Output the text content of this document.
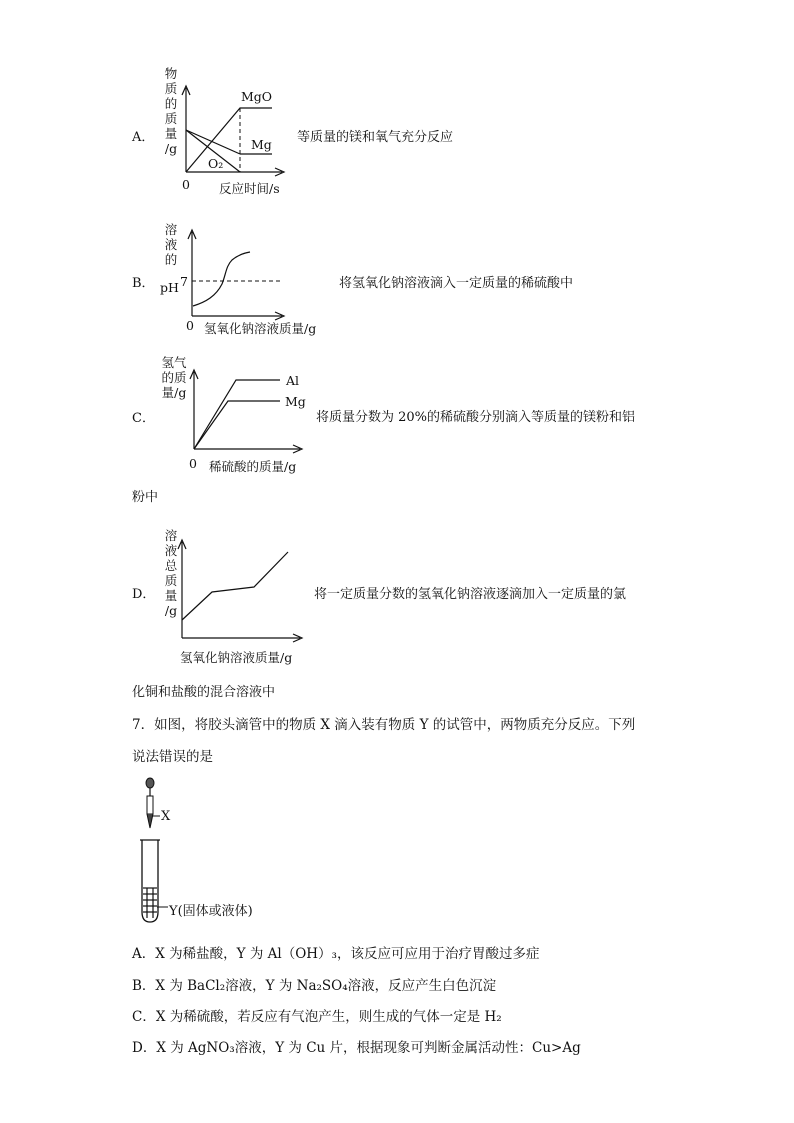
A．
物
质
的
质
量
/g
MgO
Mg
O₂
0 反应时间/s
等质量的镁和氧气充分反应
B．
溶
液
的
pH 7
0 氢氧化钠溶液质量/g
将氢氧化钠溶液滴入一定质量的稀硫酸中
C．
氢气
的质
量/g
Al
Mg
0 稀硫酸的质量/g
将质量分数为 20%的稀硫酸分别滴入等质量的镁粉和铝
粉中
D．
溶
液
总
质
量
/g
氢氧化钠溶液质量/g
将一定质量分数的氢氧化钠溶液逐滴加入一定质量的氯
化铜和盐酸的混合溶液中
7．如图，将胶头滴管中的物质 X 滴入装有物质 Y 的试管中，两物质充分反应。下列
说法错误的是
X
Y(固体或液体)
A．X 为稀盐酸，Y 为 Al（OH）₃，该反应可应用于治疗胃酸过多症
B．X 为 BaCl₂溶液，Y 为 Na₂SO₄溶液，反应产生白色沉淀
C．X 为稀硫酸，若反应有气泡产生，则生成的气体一定是 H₂
D．X 为 AgNO₃溶液，Y 为 Cu 片，根据现象可判断金属活动性：Cu>Ag
